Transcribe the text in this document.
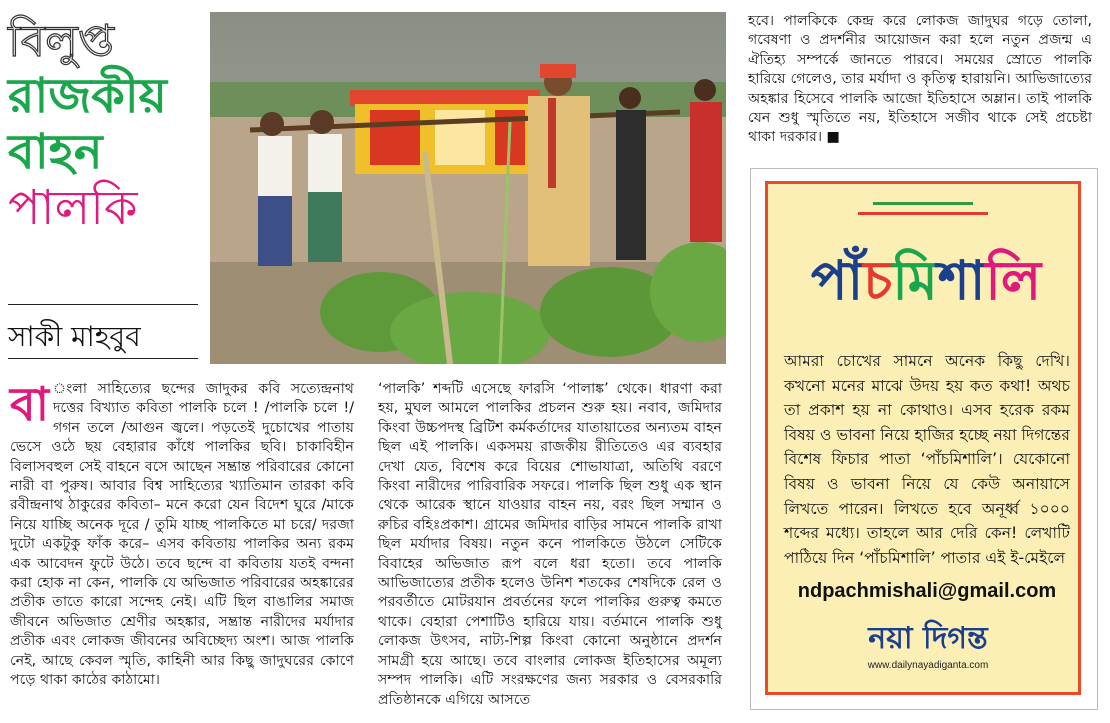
বিলুপ্ত
রাজকীয়
বাহন
পালকি
সাকী মাহবুব
বা ংলা সাহিত্যের ছন্দের জাদুকর কবি সত্যেন্দ্রনাথ দত্তের বিখ্যাত কবিতা পালকি চলে ! /পালকি চলে !/গগন তলে /আগুন জ্বলে। পড়তেই দুচোখের পাতায় ভেসে ওঠে ছয় বেহারার কাঁধে পালকির ছবি। চাকাবিহীন বিলাসবহুল সেই বাহনে বসে আছেন সম্ভ্রান্ত পরিবারের কোনো নারী বা পুরুষ। আবার বিশ্ব সাহিত্যের খ্যাতিমান তারকা কবি রবীন্দ্রনাথ ঠাকুরের কবিতা– মনে করো যেন বিদেশ ঘুরে /মাকে নিয়ে যাচ্ছি অনেক দূরে / তুমি যাচ্ছ পালকিতে মা চরে/ দরজা দুটো একটুকু ফাঁক করে– এসব কবিতায় পালকির অন্য রকম এক আবেদন ফুটে উঠে। তবে ছন্দে বা কবিতায় যতই বন্দনা করা হোক না কেন, পালকি যে অভিজাত পরিবারের অহঙ্কারের প্রতীক তাতে কারো সন্দেহ নেই। এটি ছিল বাঙালির সমাজ জীবনে অভিজাত শ্রেণীর অহঙ্কার, সম্ভ্রান্ত নারীদের মর্যাদার প্রতীক এবং লোকজ জীবনের অবিচ্ছেদ্য অংশ। আজ পালকি নেই, আছে কেবল স্মৃতি, কাহিনী আর কিছু জাদুঘরের কোণে পড়ে থাকা কাঠের কাঠামো।

‘পালকি’ শব্দটি এসেছে ফারসি ‘পালাঙ্ক’ থেকে। ধারণা করা হয়, মুঘল আমলে পালকির প্রচলন শুরু হয়। নবাব, জমিদার কিংবা উচ্চপদস্থ ব্রিটিশ কর্মকর্তাদের যাতায়াতের অন্যতম বাহন ছিল এই পালকি। একসময় রাজকীয় রীতিতেও এর ব্যবহার দেখা যেত, বিশেষ করে বিয়ের শোভাযাত্রা, অতিথি বরণে কিংবা নারীদের পারিবারিক সফরে। পালকি ছিল শুধু এক স্থান থেকে আরেক স্থানে যাওয়ার বাহন নয়, বরং ছিল সম্মান ও রুচির বহিঃপ্রকাশ। গ্রামের জমিদার বাড়ির সামনে পালকি রাখা ছিল মর্যাদার বিষয়। নতুন কনে পালকিতে উঠলে সেটিকে বিবাহের অভিজাত রূপ বলে ধরা হতো। তবে পালকি আভিজাত্যের প্রতীক হলেও উনিশ শতকের শেষদিকে রেল ও পরবর্তীতে মোটরযান প্রবর্তনের ফলে পালকির গুরুত্ব কমতে থাকে। বেহারা পেশাটিও হারিয়ে যায়। বর্তমানে পালকি শুধু লোকজ উৎসব, নাট্য-শিল্প কিংবা কোনো অনুষ্ঠানে প্রদর্শন সামগ্রী হয়ে আছে। তবে বাংলার লোকজ ইতিহাসের অমূল্য সম্পদ পালকি। এটি সংরক্ষণের জন্য সরকার ও বেসরকারি প্রতিষ্ঠানকে এগিয়ে আসতে

হবে। পালকিকে কেন্দ্র করে লোকজ জাদুঘর গড়ে তোলা, গবেষণা ও প্রদর্শনীর আয়োজন করা হলে নতুন প্রজন্ম এ ঐতিহ্য সম্পর্কে জানতে পারবে। সময়ের স্রোতে পালকি হারিয়ে গেলেও, তার মর্যাদা ও কৃতিত্ব হারায়নি। আভিজাত্যের অহঙ্কার হিসেবে পালকি আজো ইতিহাসে অম্লান। তাই পালকি যেন শুধু স্মৃতিতে নয়, ইতিহাসে সজীব থাকে সেই প্রচেষ্টা থাকা দরকার। ■

পাঁচমিশালি
আমরা চোখের সামনে অনেক কিছু দেখি। কখনো মনের মাঝে উদয় হয় কত কথা! অথচ তা প্রকাশ হয় না কোথাও। এসব হরেক রকম বিষয় ও ভাবনা নিয়ে হাজির হচ্ছে নয়া দিগন্তের বিশেষ ফিচার পাতা ‘পাঁচমিশালি’। যেকোনো বিষয় ও ভাবনা নিয়ে যে কেউ অনায়াসে লিখতে পারেন। লিখতে হবে অনূর্ধ্ব ১০০০ শব্দের মধ্যে। তাহলে আর দেরি কেন! লেখাটি পাঠিয়ে দিন ‘পাঁচমিশালি’ পাতার এই ই-মেইলে
ndpachmishali@gmail.com
নয়া দিগন্ত
www.dailynayadiganta.com
